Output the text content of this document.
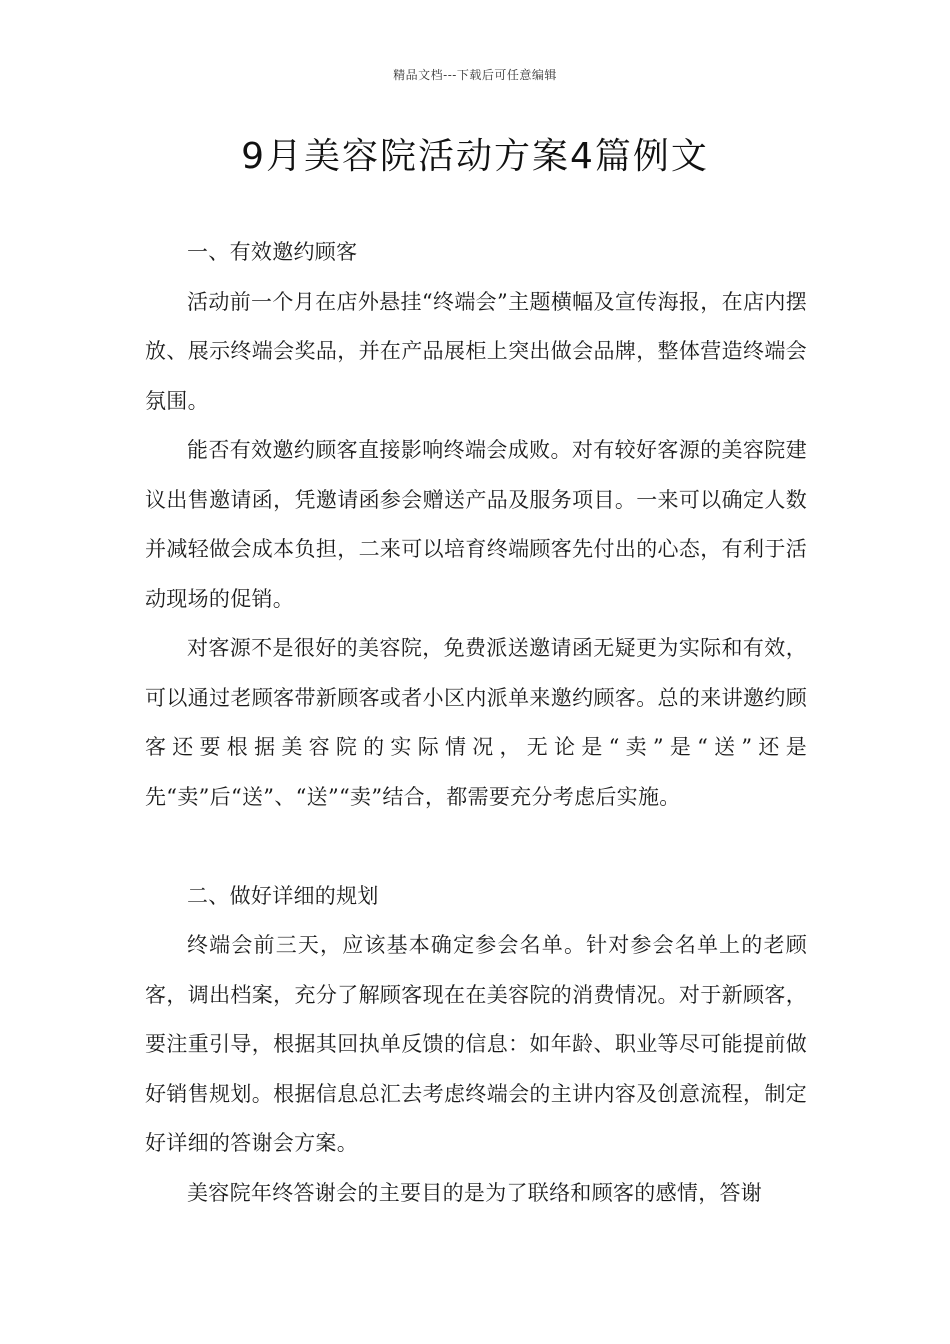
精品文档---下载后可任意编辑
9月美容院活动方案4篇例文
一、有效邀约顾客

活动前一个月在店外悬挂“终端会”主题横幅及宣传海报，在店内摆放、展示终端会奖品，并在产品展柜上突出做会品牌，整体营造终端会氛围。

能否有效邀约顾客直接影响终端会成败。对有较好客源的美容院建议出售邀请函，凭邀请函参会赠送产品及服务项目。一来可以确定人数并减轻做会成本负担，二来可以培育终端顾客先付出的心态，有利于活动现场的促销。

对客源不是很好的美容院，免费派送邀请函无疑更为实际和有效，可以通过老顾客带新顾客或者小区内派单来邀约顾客。总的来讲邀约顾客还要根据美容院的实际情况，无论是“卖”是“送”还是先“卖”后“送”、“送”“卖”结合，都需要充分考虑后实施。

二、做好详细的规划

终端会前三天，应该基本确定参会名单。针对参会名单上的老顾客，调出档案，充分了解顾客现在在美容院的消费情况。对于新顾客，要注重引导，根据其回执单反馈的信息：如年龄、职业等尽可能提前做好销售规划。根据信息总汇去考虑终端会的主讲内容及创意流程，制定好详细的答谢会方案。

美容院年终答谢会的主要目的是为了联络和顾客的感情，答谢
